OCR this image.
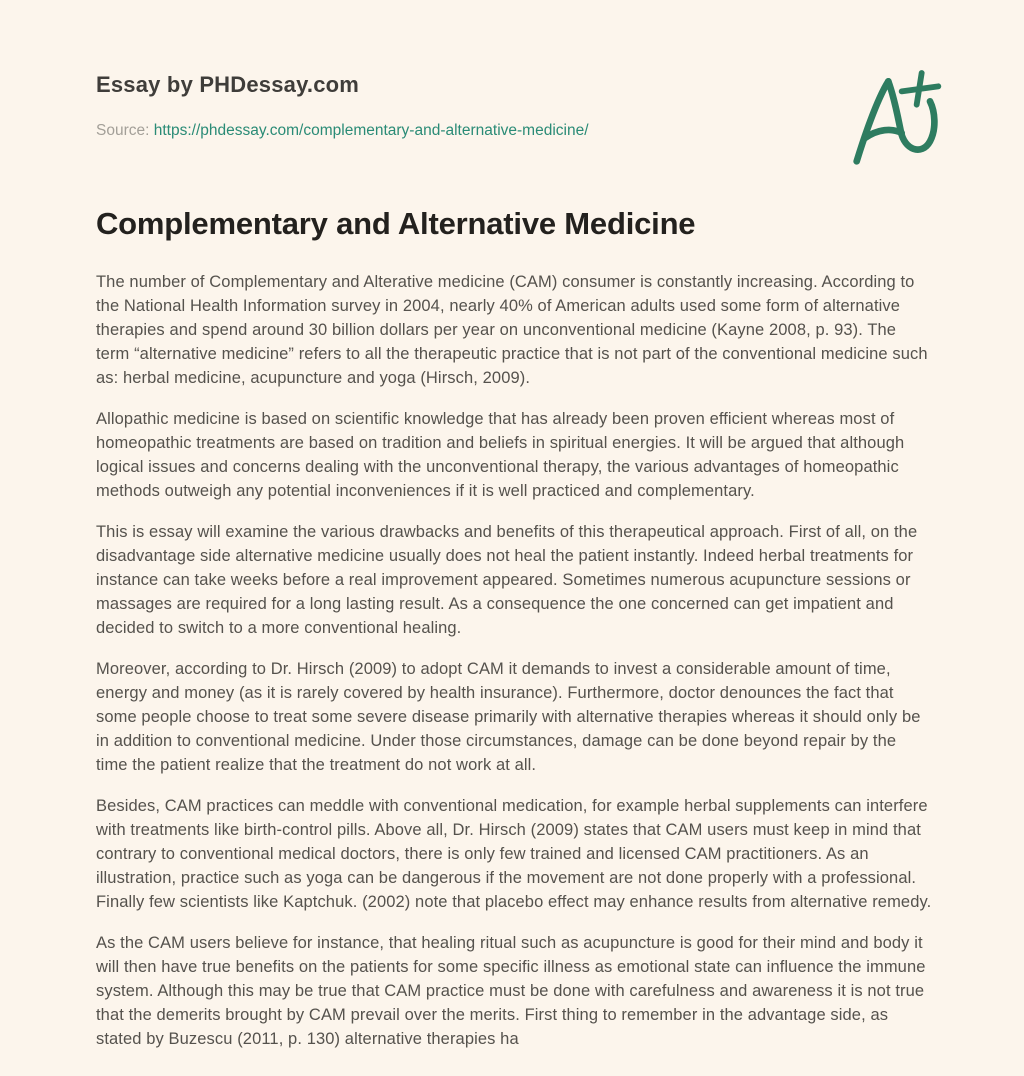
Essay by PHDessay.com
Source: https://phdessay.com/complementary-and-alternative-medicine/
Complementary and Alternative Medicine

The number of Complementary and Alterative medicine (CAM) consumer is constantly increasing. According to the National Health Information survey in 2004, nearly 40% of American adults used some form of alternative therapies and spend around 30 billion dollars per year on unconventional medicine (Kayne 2008, p. 93). The term “alternative medicine” refers to all the therapeutic practice that is not part of the conventional medicine such as: herbal medicine, acupuncture and yoga (Hirsch, 2009).

Allopathic medicine is based on scientific knowledge that has already been proven efficient whereas most of homeopathic treatments are based on tradition and beliefs in spiritual energies. It will be argued that although logical issues and concerns dealing with the unconventional therapy, the various advantages of homeopathic methods outweigh any potential inconveniences if it is well practiced and complementary.

This is essay will examine the various drawbacks and benefits of this therapeutical approach. First of all, on the disadvantage side alternative medicine usually does not heal the patient instantly. Indeed herbal treatments for instance can take weeks before a real improvement appeared. Sometimes numerous acupuncture sessions or massages are required for a long lasting result. As a consequence the one concerned can get impatient and decided to switch to a more conventional healing.

Moreover, according to Dr. Hirsch (2009) to adopt CAM it demands to invest a considerable amount of time, energy and money (as it is rarely covered by health insurance). Furthermore, doctor denounces the fact that some people choose to treat some severe disease primarily with alternative therapies whereas it should only be in addition to conventional medicine. Under those circumstances, damage can be done beyond repair by the time the patient realize that the treatment do not work at all.

Besides, CAM practices can meddle with conventional medication, for example herbal supplements can interfere with treatments like birth-control pills. Above all, Dr. Hirsch (2009) states that CAM users must keep in mind that contrary to conventional medical doctors, there is only few trained and licensed CAM practitioners. As an illustration, practice such as yoga can be dangerous if the movement are not done properly with a professional. Finally few scientists like Kaptchuk. (2002) note that placebo effect may enhance results from alternative remedy.

As the CAM users believe for instance, that healing ritual such as acupuncture is good for their mind and body it will then have true benefits on the patients for some specific illness as emotional state can influence the immune system. Although this may be true that CAM practice must be done with carefulness and awareness it is not true that the demerits brought by CAM prevail over the merits. First thing to remember in the advantage side, as stated by Buzescu (2011, p. 130) alternative therapies ha
